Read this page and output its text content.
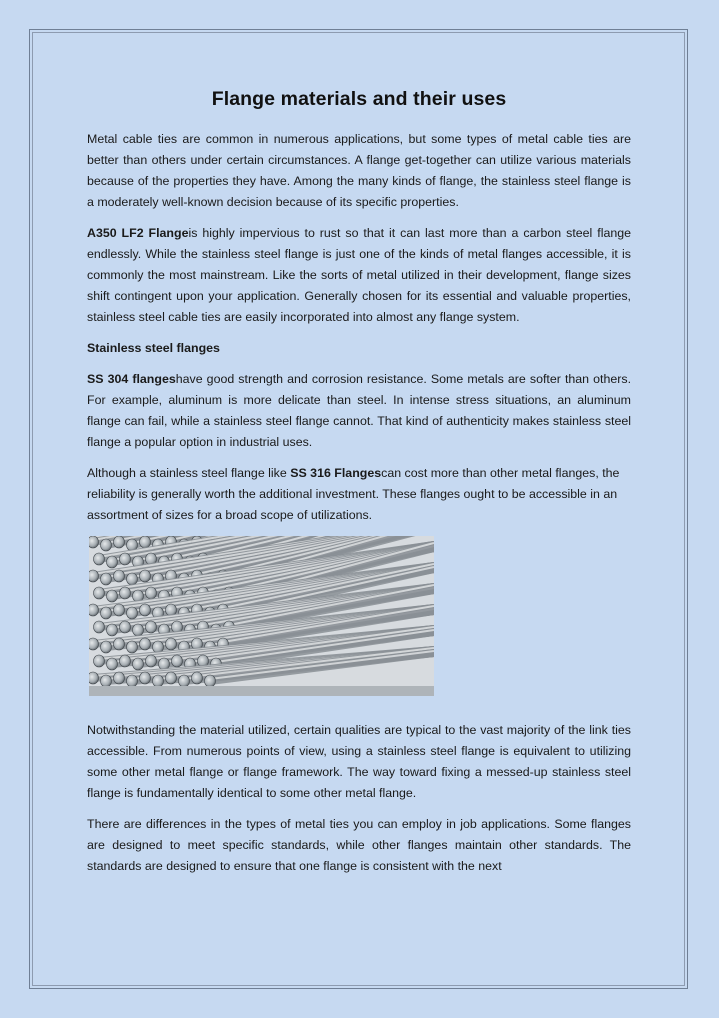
Flange materials and their uses

Metal cable ties are common in numerous applications, but some types of metal cable ties are better than others under certain circumstances. A flange get-together can utilize various materials because of the properties they have. Among the many kinds of flange, the stainless steel flange is a moderately well-known decision because of its specific properties.

A350 LF2 Flangeis highly impervious to rust so that it can last more than a carbon steel flange endlessly. While the stainless steel flange is just one of the kinds of metal flanges accessible, it is commonly the most mainstream. Like the sorts of metal utilized in their development, flange sizes shift contingent upon your application. Generally chosen for its essential and valuable properties, stainless steel cable ties are easily incorporated into almost any flange system.

Stainless steel flanges

SS 304 flangeshave good strength and corrosion resistance. Some metals are softer than others. For example, aluminum is more delicate than steel. In intense stress situations, an aluminum flange can fail, while a stainless steel flange cannot. That kind of authenticity makes stainless steel flange a popular option in industrial uses.

Although a stainless steel flange like SS 316 Flangescan cost more than other metal flanges, the reliability is generally worth the additional investment. These flanges ought to be accessible in an assortment of sizes for a broad scope of utilizations.

Notwithstanding the material utilized, certain qualities are typical to the vast majority of the link ties accessible. From numerous points of view, using a stainless steel flange is equivalent to utilizing some other metal flange or flange framework. The way toward fixing a messed-up stainless steel flange is fundamentally identical to some other metal flange.

There are differences in the types of metal ties you can employ in job applications. Some flanges are designed to meet specific standards, while other flanges maintain other standards. The standards are designed to ensure that one flange is consistent with the next
